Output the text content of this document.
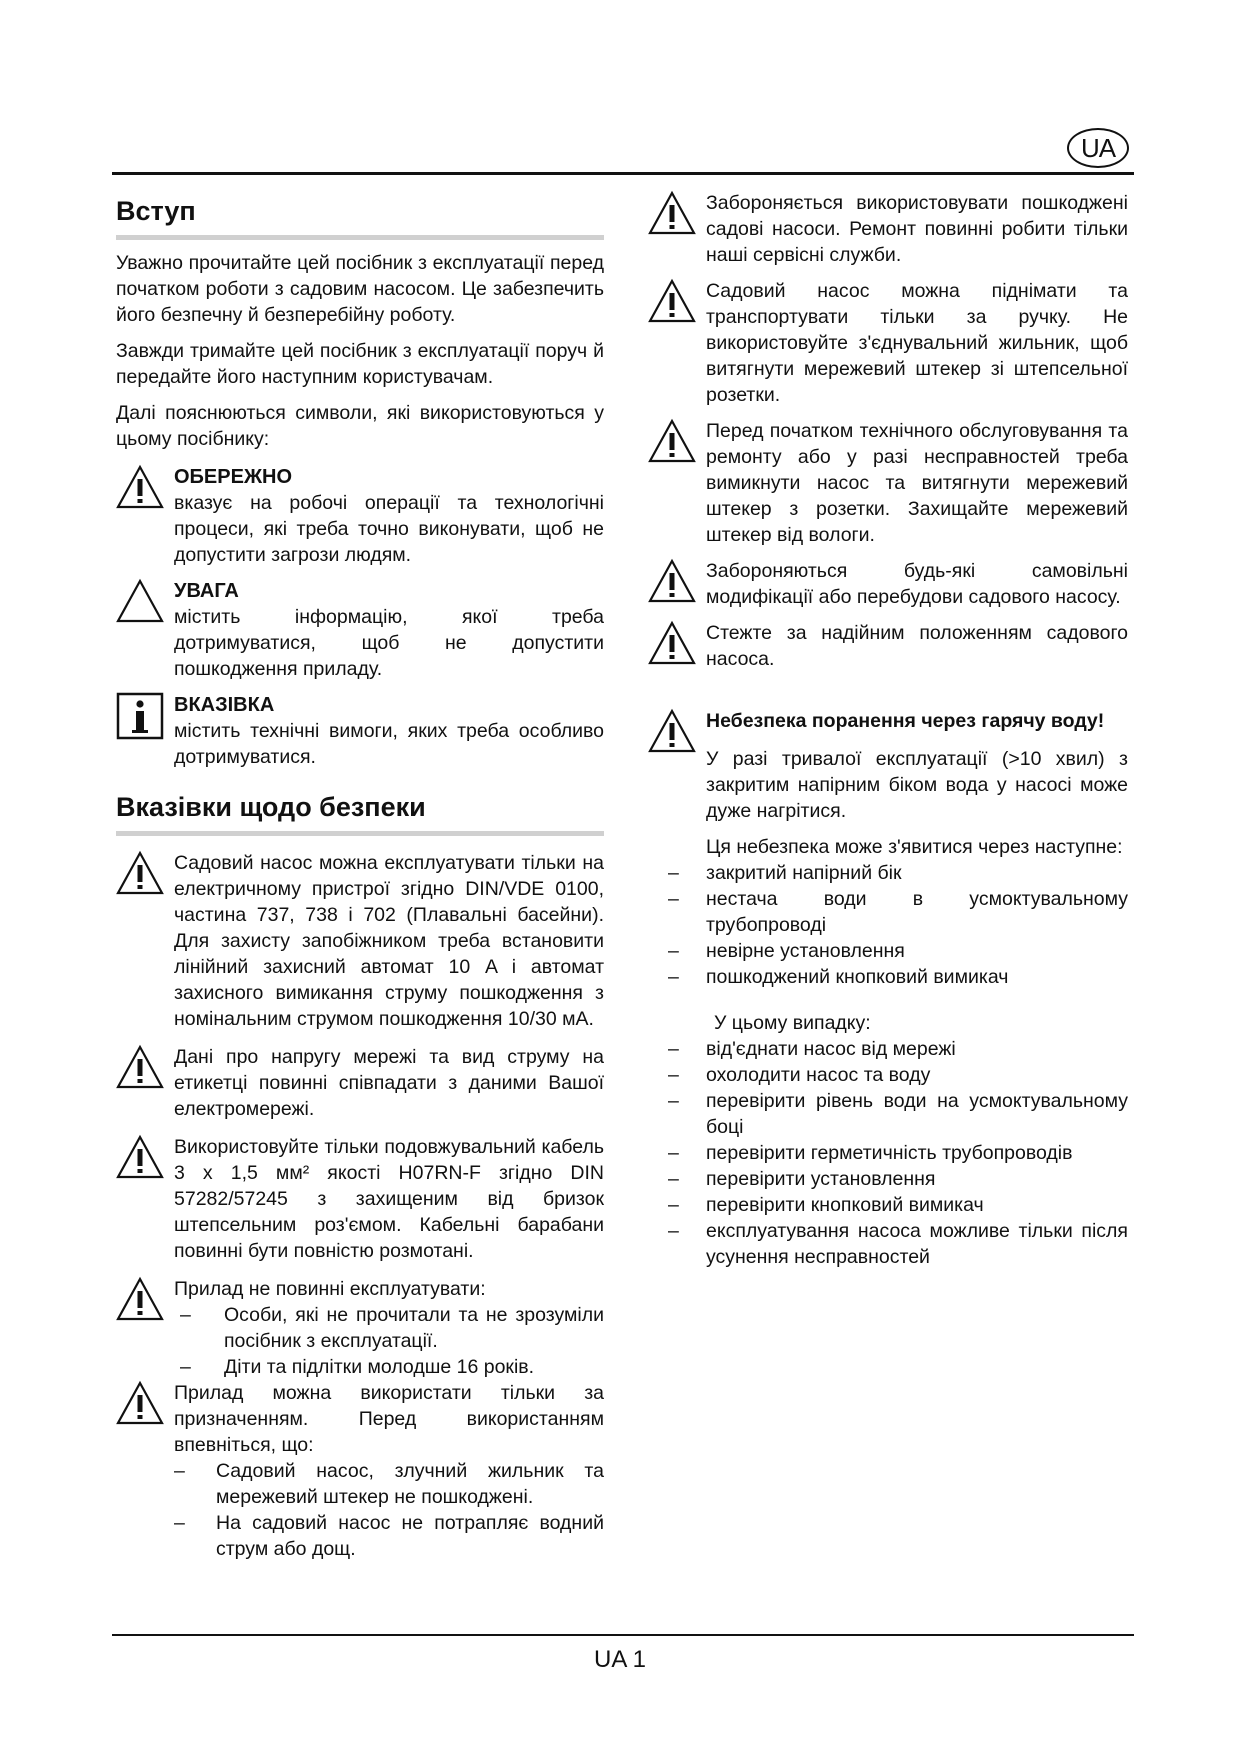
UA
Вступ

Уважно прочитайте цей посібник з експлуатації перед початком роботи з садовим насосом. Це забезпечить його безпечну й безперебійну роботу.

Завжди тримайте цей посібник з експлуатації поруч й передайте його наступним користувачам.

Далі пояснюються символи, які використовуються у цьому посібнику:

ОБЕРЕЖНО
вказує на робочі операції та технологічні процеси, які треба точно виконувати, щоб не допустити загрози людям.
УВАГА
містить інформацію, якої треба дотримуватися, щоб не допустити пошкодження приладу.
ВКАЗІВКА
містить технічні вимоги, яких треба особливо дотримуватися.
Вказівки щодо безпеки
Садовий насос можна експлуатувати тільки на електричному пристрої згідно DIN/VDE 0100, частина 737, 738 і 702 (Плавальні басейни). Для захисту запобіжником треба встановити лінійний захисний автомат 10 A і автомат захисного вимикання струму пошкодження з номінальним струмом пошкодження 10/30 мА.
Дані про напругу мережі та вид струму на етикетці повинні співпадати з даними Вашої електромережі.
Використовуйте тільки подовжувальний кабель 3 x 1,5 мм² якості H07RN-F згідно DIN 57282/57245 з захищеним від бризок штепсельним роз'ємом. Кабельні барабани повинні бути повністю розмотані.
Прилад не повинні експлуатувати:
–	Особи, які не прочитали та не зрозуміли посібник з експлуатації.
–	Діти та підлітки молодше 16 років.
Прилад можна використати тільки за призначенням. Перед використанням впевніться, що:
–	Садовий насос, злучний жильник та мережевий штекер не пошкоджені.
–	На садовий насос не потрапляє водний струм або дощ.
Забороняється використовувати пошкоджені садові насоси. Ремонт повинні робити тільки наші сервісні служби.
Садовий насос можна піднімати та транспортувати тільки за ручку. Не використовуйте з'єднувальний жильник, щоб витягнути мережевий штекер зі штепсельної розетки.
Перед початком технічного обслуговування та ремонту або у разі несправностей треба вимикнути насос та витягнути мережевий штекер з розетки. Захищайте мережевий штекер від вологи.
Забороняються будь-які самовільні модифікації або перебудови садового насосу.
Стежте за надійним положенням садового насоса.
Небезпека поранення через гарячу воду!

У разі тривалої експлуатації (>10 хвил) з закритим напірним біком вода у насосі може дуже нагрітися.

Ця небезпека може з'явитися через наступне:

–	закритий напірний бік
–	нестача води в усмоктувальному трубопроводі
–	невірне установлення
–	пошкоджений кнопковий вимикач

У цьому випадку:

–	від'єднати насос від мережі
–	охолодити насос та воду
–	перевірити рівень води на усмоктувальному боці
–	перевірити герметичність трубопроводів
–	перевірити установлення
–	перевірити кнопковий вимикач
–	експлуатування насоса можливе тільки після усунення несправностей
UA 1
